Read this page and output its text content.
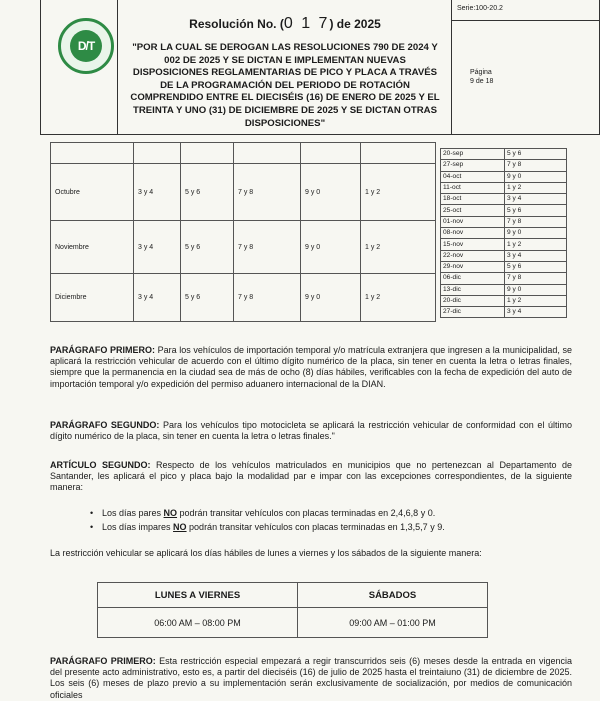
D/T
Resolución No. (0 1 7) de 2025
"POR LA CUAL SE DEROGAN LAS RESOLUCIONES 790 DE 2024 Y 002 DE 2025 Y SE DICTAN E IMPLEMENTAN NUEVAS DISPOSICIONES REGLAMENTARIAS DE PICO Y PLACA A TRAVÉS DE LA PROGRAMACIÓN DEL PERIODO DE ROTACIÓN COMPRENDIDO ENTRE EL DIECISÉIS (16) DE ENERO DE 2025 Y EL TREINTA Y UNO (31) DE DICIEMBRE DE 2025 Y SE DICTAN OTRAS DISPOSICIONES"
Serie:100-20.2
Página
9 de 18

Octubre	3 y 4	5 y 6	7 y 8	9 y 0	1 y 2
Noviembre	3 y 4	5 y 6	7 y 8	9 y 0	1 y 2
Diciembre	3 y 4	5 y 6	7 y 8	9 y 0	1 y 2
20-sep	5 y 6
27-sep	7 y 8
04-oct	9 y 0
11-oct	1 y 2
18-oct	3 y 4
25-oct	5 y 6
01-nov	7 y 8
08-nov	9 y 0
15-nov	1 y 2
22-nov	3 y 4
29-nov	5 y 6
06-dic	7 y 8
13-dic	9 y 0
20-dic	1 y 2
27-dic	3 y 4
PARÁGRAFO PRIMERO: Para los vehículos de importación temporal y/o matrícula extranjera que ingresen a la municipalidad, se aplicará la restricción vehicular de acuerdo con el último dígito numérico de la placa, sin tener en cuenta la letra o letras finales, siempre que la permanencia en la ciudad sea de más de ocho (8) días hábiles, verificables con la fecha de expedición del auto de importación temporal y/o expedición del permiso aduanero internacional de la DIAN.
PARÁGRAFO SEGUNDO: Para los vehículos tipo motocicleta se aplicará la restricción vehicular de conformidad con el último dígito numérico de la placa, sin tener en cuenta la letra o letras finales."
ARTÍCULO SEGUNDO: Respecto de los vehículos matriculados en municipios que no pertenezcan al Departamento de Santander, les aplicará el pico y placa bajo la modalidad par e impar con las excepciones correspondientes, de la siguiente manera:
• Los días pares NO podrán transitar vehículos con placas terminadas en 2,4,6,8 y 0.
• Los días impares NO podrán transitar vehículos con placas terminadas en 1,3,5,7 y 9.
La restricción vehicular se aplicará los días hábiles de lunes a viernes y los sábados de la siguiente manera:
LUNES A VIERNES	SÁBADOS
06:00 AM – 08:00 PM	09:00 AM – 01:00 PM
PARÁGRAFO PRIMERO: Esta restricción especial empezará a regir transcurridos seis (6) meses desde la entrada en vigencia del presente acto administrativo, esto es, a partir del dieciséis (16) de julio de 2025 hasta el treintaiuno (31) de diciembre de 2025. Los seis (6) meses de plazo previo a su implementación serán exclusivamente de socialización, por medios de comunicación oficiales
